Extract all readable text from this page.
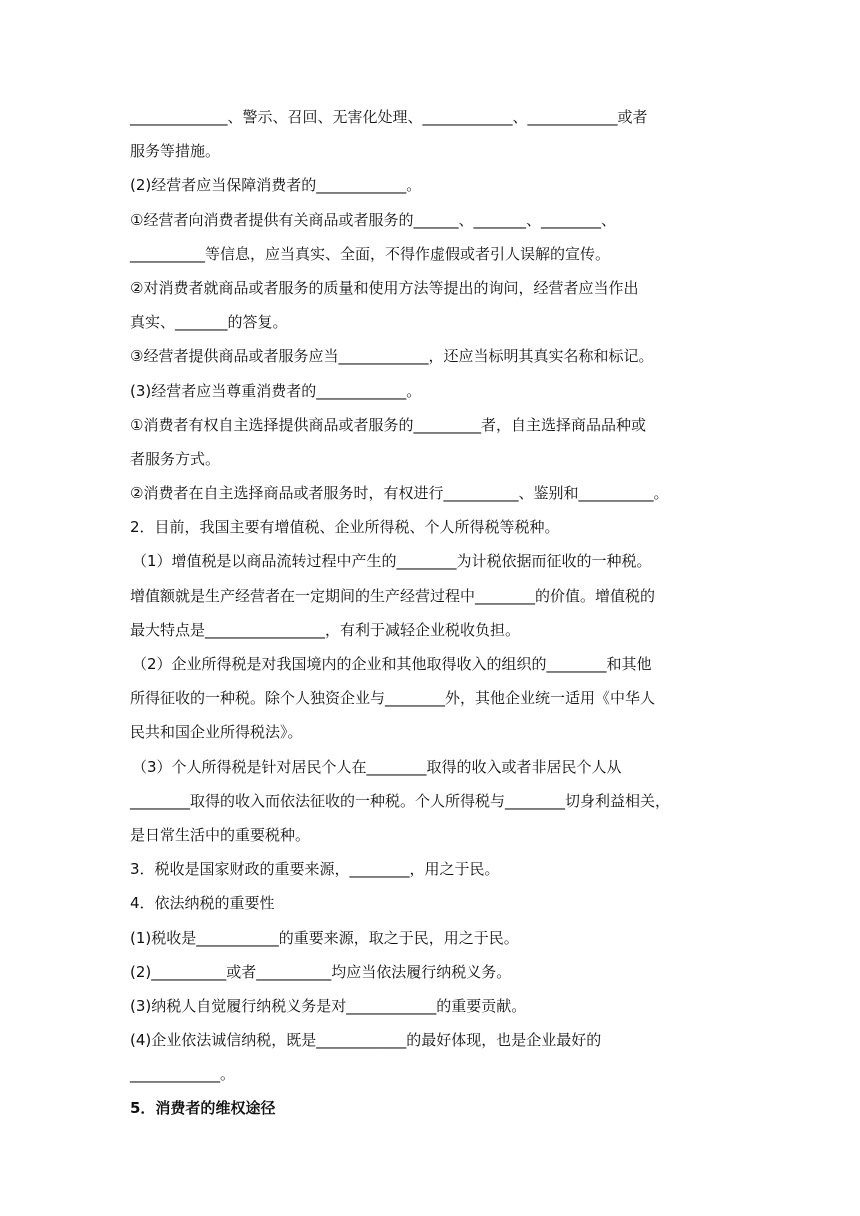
_____________、警示、召回、无害化处理、____________、____________或者
服务等措施。
(2)经营者应当保障消费者的____________。
①经营者向消费者提供有关商品或者服务的______、_______、________、
__________等信息，应当真实、全面，不得作虚假或者引人误解的宣传。
②对消费者就商品或者服务的质量和使用方法等提出的询问，经营者应当作出
真实、_______的答复。
③经营者提供商品或者服务应当____________，还应当标明其真实名称和标记。
(3)经营者应当尊重消费者的____________。
①消费者有权自主选择提供商品或者服务的_________者，自主选择商品品种或
者服务方式。
②消费者在自主选择商品或者服务时，有权进行__________、鉴别和__________。
2．目前，我国主要有增值税、企业所得税、个人所得税等税种。
（1）增值税是以商品流转过程中产生的________为计税依据而征收的一种税。
增值额就是生产经营者在一定期间的生产经营过程中________的价值。增值税的
最大特点是________________，有利于减轻企业税收负担。
（2）企业所得税是对我国境内的企业和其他取得收入的组织的________和其他
所得征收的一种税。除个人独资企业与________外，其他企业统一适用《中华人
民共和国企业所得税法》。
（3）个人所得税是针对居民个人在________取得的收入或者非居民个人从
________取得的收入而依法征收的一种税。个人所得税与________切身利益相关，
是日常生活中的重要税种。
3．税收是国家财政的重要来源，________，用之于民。
4．依法纳税的重要性
(1)税收是___________的重要来源，取之于民，用之于民。
(2)__________或者__________均应当依法履行纳税义务。
(3)纳税人自觉履行纳税义务是对____________的重要贡献。
(4)企业依法诚信纳税，既是____________的最好体现，也是企业最好的
____________。
5．消费者的维权途径
